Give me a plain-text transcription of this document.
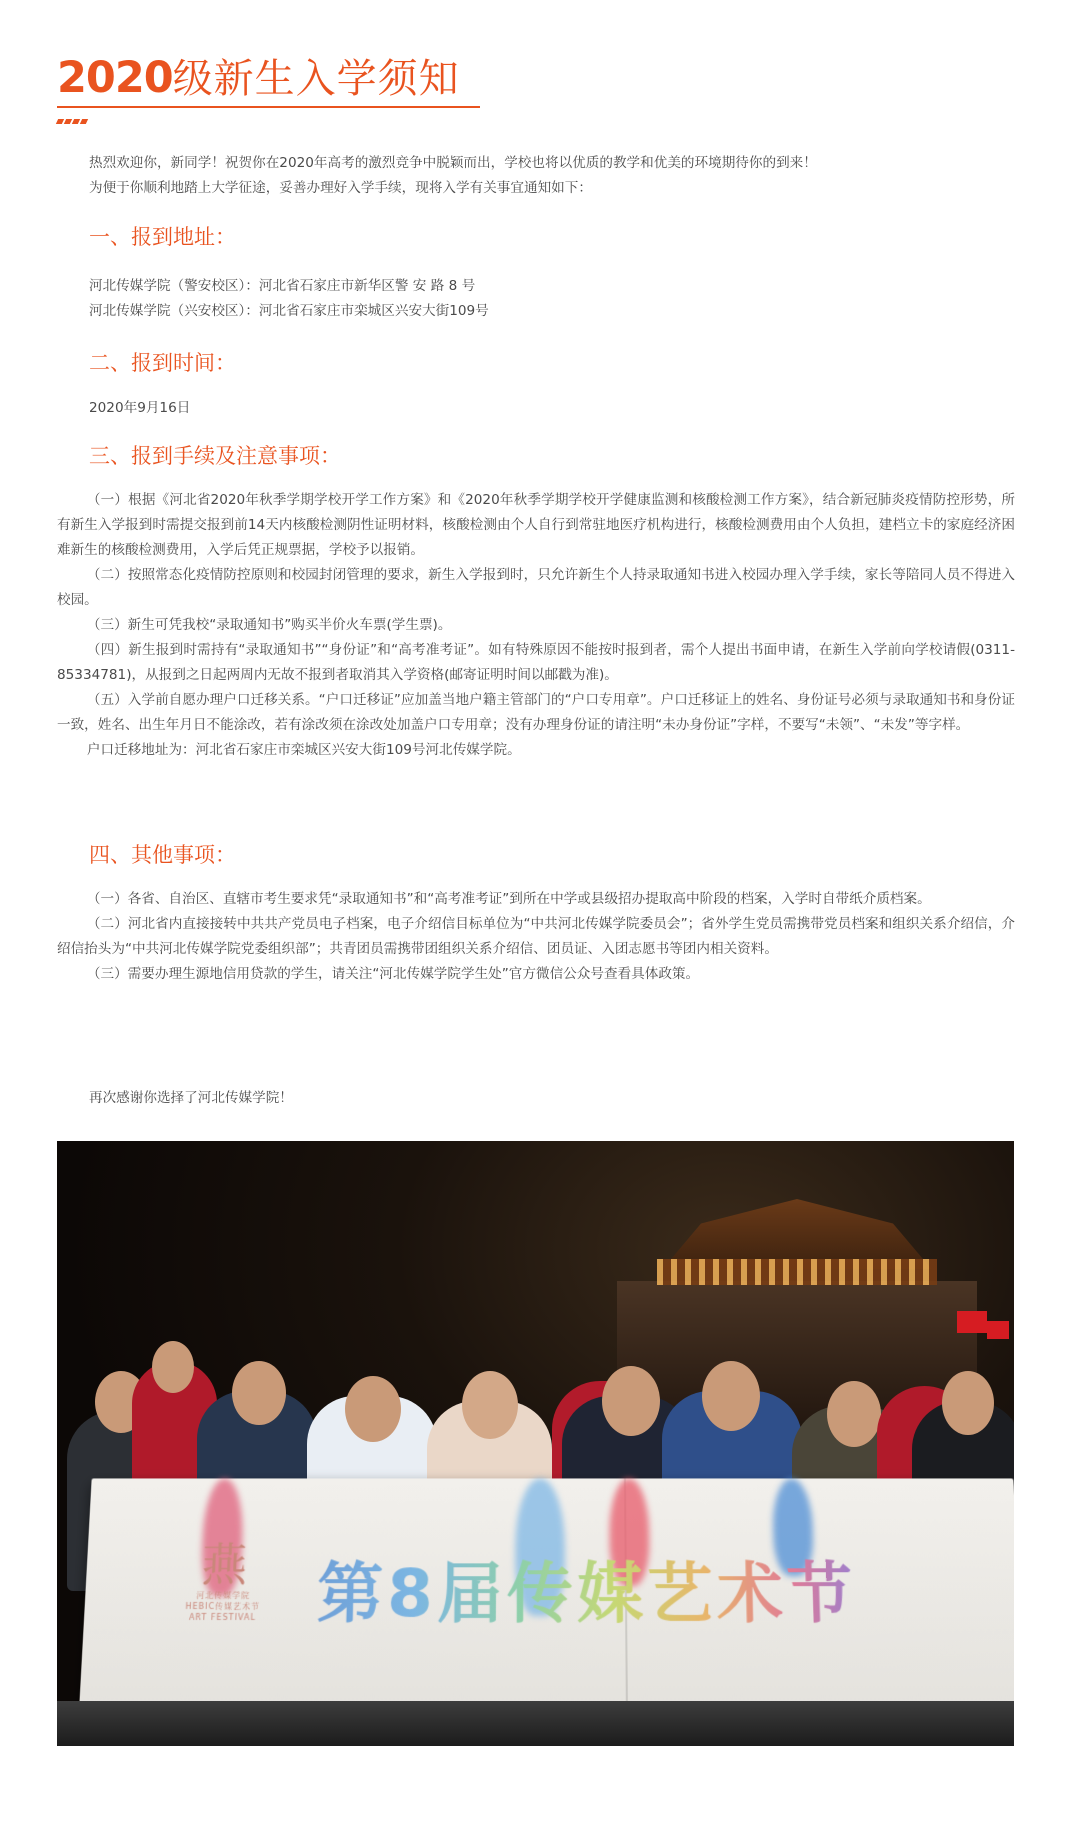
2020级新生入学须知

热烈欢迎你，新同学！祝贺你在2020年高考的激烈竞争中脱颖而出，学校也将以优质的教学和优美的环境期待你的到来！

为便于你顺利地踏上大学征途，妥善办理好入学手续，现将入学有关事宜通知如下：

一、报到地址：

河北传媒学院（警安校区）：河北省石家庄市新华区警 安 路 8 号

河北传媒学院（兴安校区）：河北省石家庄市栾城区兴安大街109号

二、报到时间：

2020年9月16日

三、报到手续及注意事项：

（一）根据《河北省2020年秋季学期学校开学工作方案》和《2020年秋季学期学校开学健康监测和核酸检测工作方案》，结合新冠肺炎疫情防控形势，所有新生入学报到时需提交报到前14天内核酸检测阴性证明材料，核酸检测由个人自行到常驻地医疗机构进行，核酸检测费用由个人负担，建档立卡的家庭经济困难新生的核酸检测费用，入学后凭正规票据，学校予以报销。

（二）按照常态化疫情防控原则和校园封闭管理的要求，新生入学报到时，只允许新生个人持录取通知书进入校园办理入学手续，家长等陪同人员不得进入校园。

（三）新生可凭我校“录取通知书”购买半价火车票(学生票)。

（四）新生报到时需持有“录取通知书”“身份证”和“高考准考证”。如有特殊原因不能按时报到者，需个人提出书面申请，在新生入学前向学校请假(0311-85334781)，从报到之日起两周内无故不报到者取消其入学资格(邮寄证明时间以邮戳为准)。

（五）入学前自愿办理户口迁移关系。“户口迁移证”应加盖当地户籍主管部门的“户口专用章”。户口迁移证上的姓名、身份证号必须与录取通知书和身份证一致，姓名、出生年月日不能涂改，若有涂改须在涂改处加盖户口专用章；没有办理身份证的请注明“未办身份证”字样，不要写“未领”、“未发”等字样。

户口迁移地址为：河北省石家庄市栾城区兴安大街109号河北传媒学院。

四、其他事项：

（一）各省、自治区、直辖市考生要求凭“录取通知书”和“高考准考证”到所在中学或县级招办提取高中阶段的档案，入学时自带纸介质档案。

（二）河北省内直接接转中共共产党员电子档案，电子介绍信目标单位为“中共河北传媒学院委员会”；省外学生党员需携带党员档案和组织关系介绍信，介绍信抬头为“中共河北传媒学院党委组织部”；共青团员需携带团组织关系介绍信、团员证、入团志愿书等团内相关资料。

（三）需要办理生源地信用贷款的学生，请关注“河北传媒学院学生处”官方微信公众号查看具体政策。

再次感谢你选择了河北传媒学院！

燕
河北传媒学院
HEBIC传媒艺术节
ART FESTIVAL 第8届传媒艺术节
